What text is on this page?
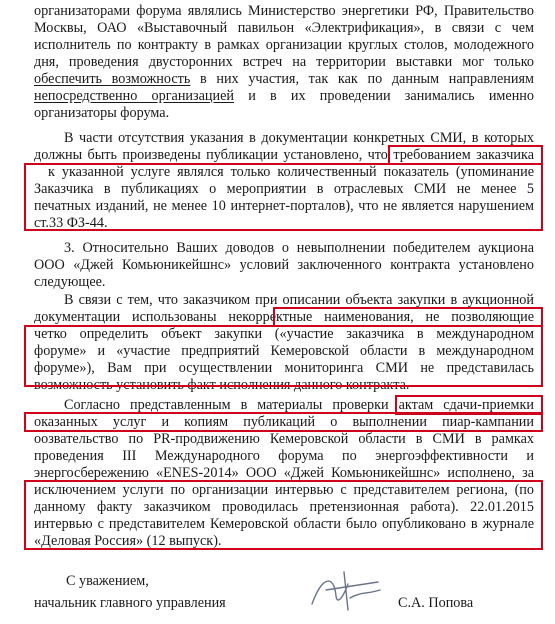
организаторами форума являлись Министерство энергетики РФ, Правительство
Москвы, ОАО «Выставочный павильон «Электрификация», в связи с чем
исполнитель по контракту в рамках организации круглых столов, молодежного
дня, проведения двусторонних встреч на территории выставки мог только
обеспечить возможность в них участия, так как по данным направлениям
непосредственно организацией и в их проведении занимались именно
организаторы форума.
В части отсутствия указания в документации конкретных СМИ, в которых
должны быть произведены публикации установлено, что требованием заказчика
к указанной услуге являлся только количественный показатель (упоминание
Заказчика в публикациях о мероприятии в отраслевых СМИ не менее 5
печатных изданий, не менее 10 интернет-порталов), что не является нарушением
ст.33 ФЗ-44.
3. Относительно Ваших доводов о невыполнении победителем аукциона
ООО «Джей Комьюникейшнс» условий заключенного контракта установлено
следующее.
В связи с тем, что заказчиком при описании объекта закупки в аукционной
документации использованы некорректные наименования, не позволяющие
четко определить объект закупки («участие заказчика в международном
форуме» и «участие предприятий Кемеровской области в международном
форуме»), Вам при осуществлении мониторинга СМИ не представилась
возможность установить факт исполнения данного контракта.
Согласно представленным в материалы проверки актам сдачи-приемки
оказанных услуг и копиям публикаций о выполнении пиар-кампании
оозвательство по PR-продвижению Кемеровской области в СМИ в рамках
проведения III Международного форума по энергоэффективности и
энергосбережению «ENES-2014» ООО «Джей Комьюникейшнс» исполнено, за
исключением услуги по организации интервью с представителем региона, (по
данному факту заказчиком проводилась претензионная работа). 22.01.2015
интервью с представителем Кемеровской области было опубликовано в журнале
«Деловая Россия» (12 выпуск).
С уважением,
начальник главного управления	С.А. Попова
